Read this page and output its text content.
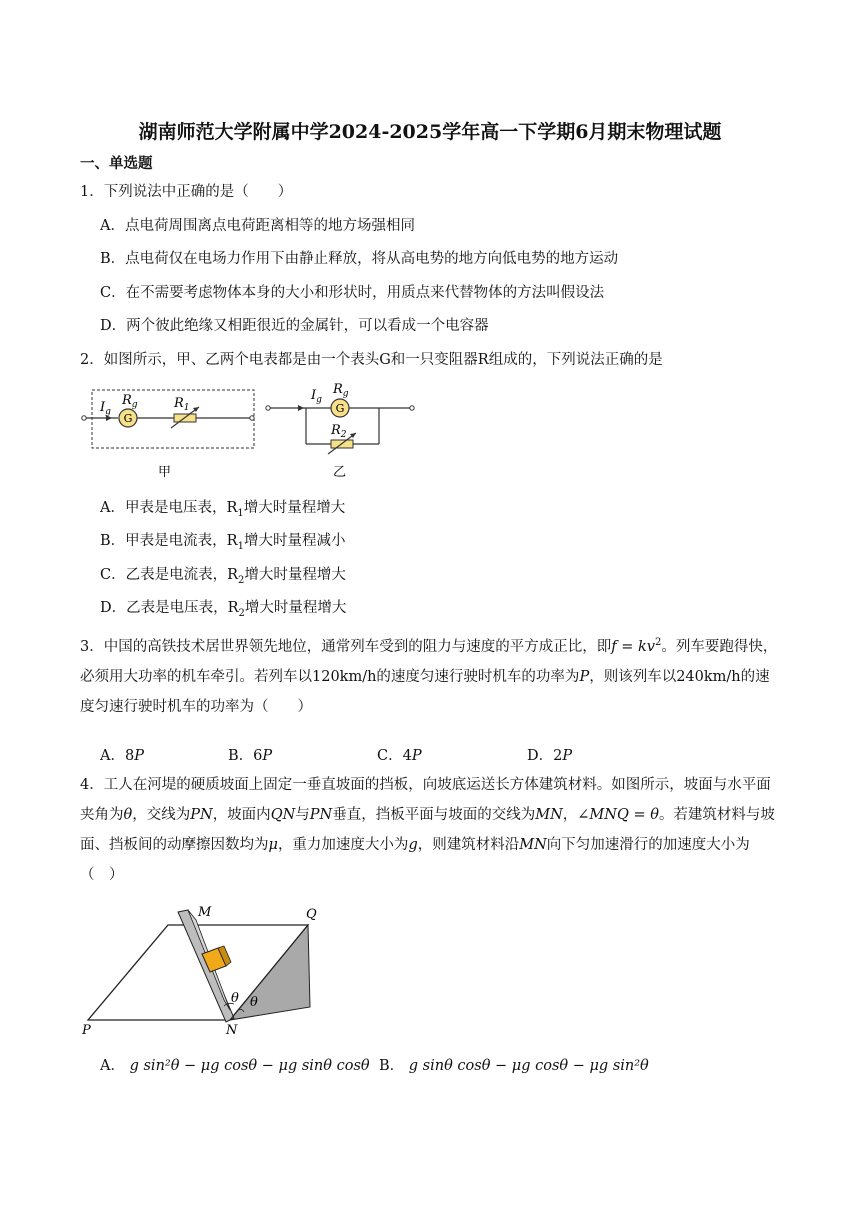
湖南师范大学附属中学2024-2025学年高一下学期6月期末物理试题
一、单选题
1．下列说法中正确的是（　　）
A．点电荷周围离点电荷距离相等的地方场强相同
B．点电荷仅在电场力作用下由静止释放，将从高电势的地方向低电势的地方运动
C．在不需要考虑物体本身的大小和形状时，用质点来代替物体的方法叫假设法
D．两个彼此绝缘又相距很近的金属针，可以看成一个电容器
2．如图所示，甲、乙两个电表都是由一个表头G和一只变阻器R组成的，下列说法正确的是
$I_g$ G
$R_g$	$R_1$
甲
$I_g$
G
$R_g$
$R_2$
乙
A．甲表是电压表，$R_1$增大时量程增大
B．甲表是电流表，$R_1$增大时量程减小
C．乙表是电流表，$R_2$增大时量程增大
D．乙表是电压表，$R_2$增大时量程增大
3．中国的高铁技术居世界领先地位，通常列车受到的阻力与速度的平方成正比，即$f = kv^2$。列车要跑得快，必须用大功率的机车牵引。若列车以120km/h的速度匀速行驶时机车的功率为P，则该列车以240km/h的速度匀速行驶时机车的功率为（　　）
A．8P	B．6P	C．4P	D．2P
4．工人在河堤的硬质坡面上固定一垂直坡面的挡板，向坡底运送长方体建筑材料。如图所示，坡面与水平面夹角为θ，交线为PN，坡面内QN与PN垂直，挡板平面与坡面的交线为MN，∠MNQ = θ。若建筑材料与坡面、挡板间的动摩擦因数均为μ，重力加速度大小为g，则建筑材料沿MN向下匀加速滑行的加速度大小为（　）
θ θ
M	Q
P	N
A． g sin²θ − μg cosθ − μg sinθ cosθ B． g sinθ cosθ − μg cosθ − μg sin²θ
